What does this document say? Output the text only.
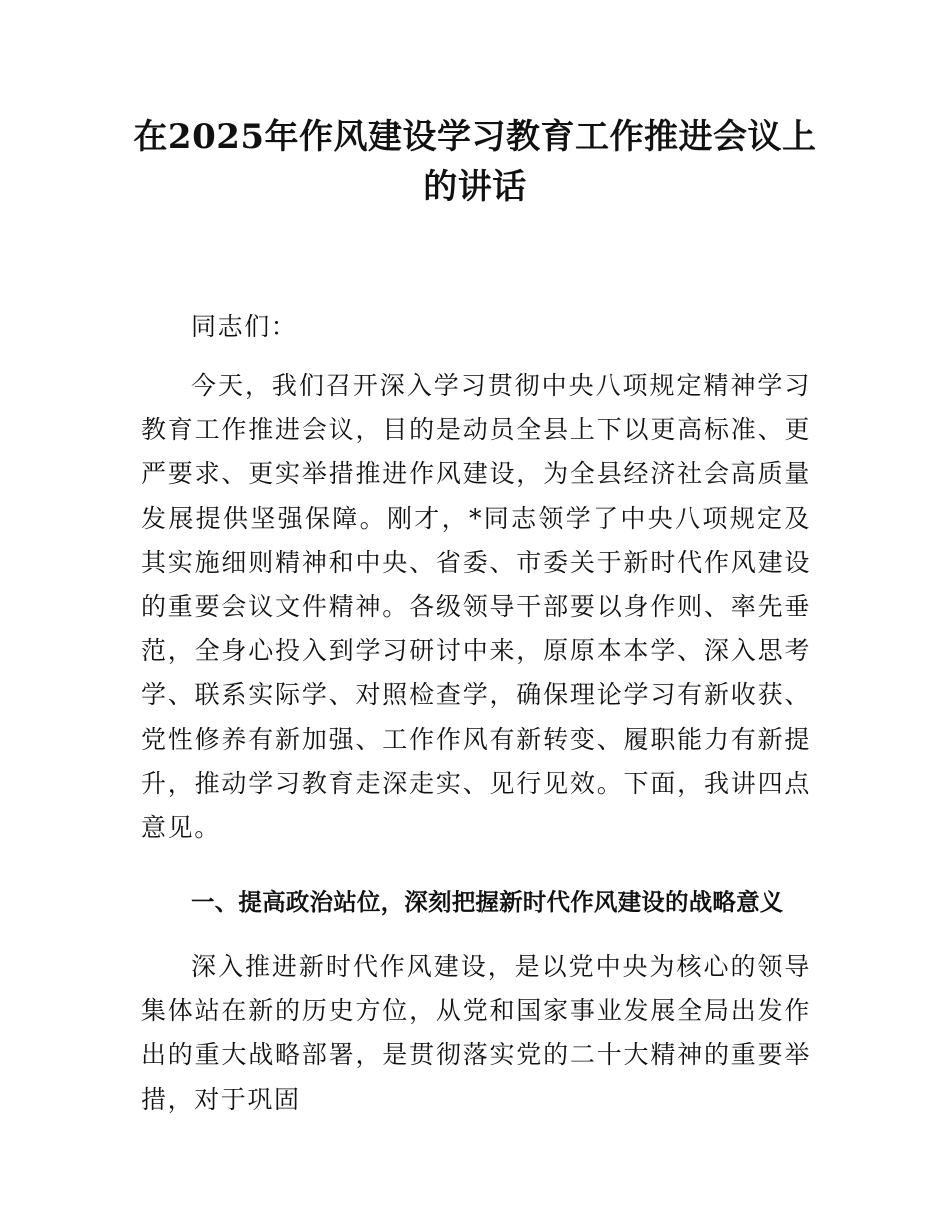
在2025年作风建设学习教育工作推进会议上的讲话

同志们：

今天，我们召开深入学习贯彻中央八项规定精神学习教育工作推进会议，目的是动员全县上下以更高标准、更严要求、更实举措推进作风建设，为全县经济社会高质量发展提供坚强保障。刚才，*同志领学了中央八项规定及其实施细则精神和中央、省委、市委关于新时代作风建设的重要会议文件精神。各级领导干部要以身作则、率先垂范，全身心投入到学习研讨中来，原原本本学、深入思考学、联系实际学、对照检查学，确保理论学习有新收获、党性修养有新加强、工作作风有新转变、履职能力有新提升，推动学习教育走深走实、见行见效。下面，我讲四点意见。

一、提高政治站位，深刻把握新时代作风建设的战略意义

深入推进新时代作风建设，是以党中央为核心的领导集体站在新的历史方位，从党和国家事业发展全局出发作出的重大战略部署，是贯彻落实党的二十大精神的重要举措，对于巩固
